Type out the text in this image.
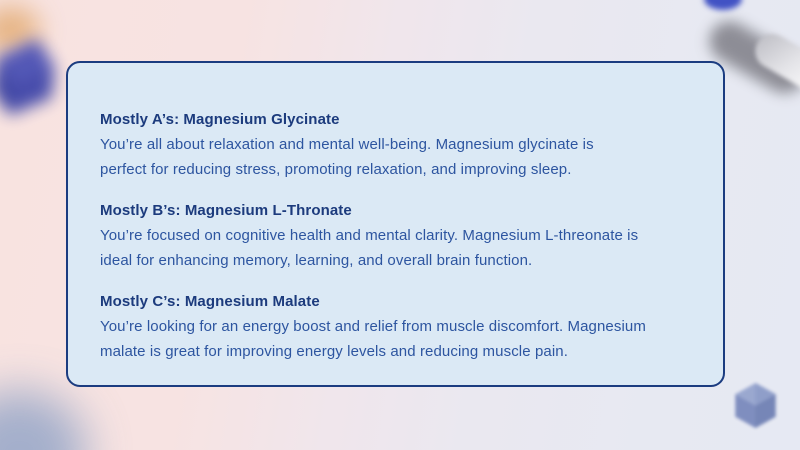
Mostly A’s: Magnesium Glycinate
You’re all about relaxation and mental well-being. Magnesium glycinate is
perfect for reducing stress, promoting relaxation, and improving sleep.
Mostly B’s: Magnesium L-Thronate
You’re focused on cognitive health and mental clarity. Magnesium L-threonate is
ideal for enhancing memory, learning, and overall brain function.
Mostly C’s: Magnesium Malate
You’re looking for an energy boost and relief from muscle discomfort. Magnesium
malate is great for improving energy levels and reducing muscle pain.
